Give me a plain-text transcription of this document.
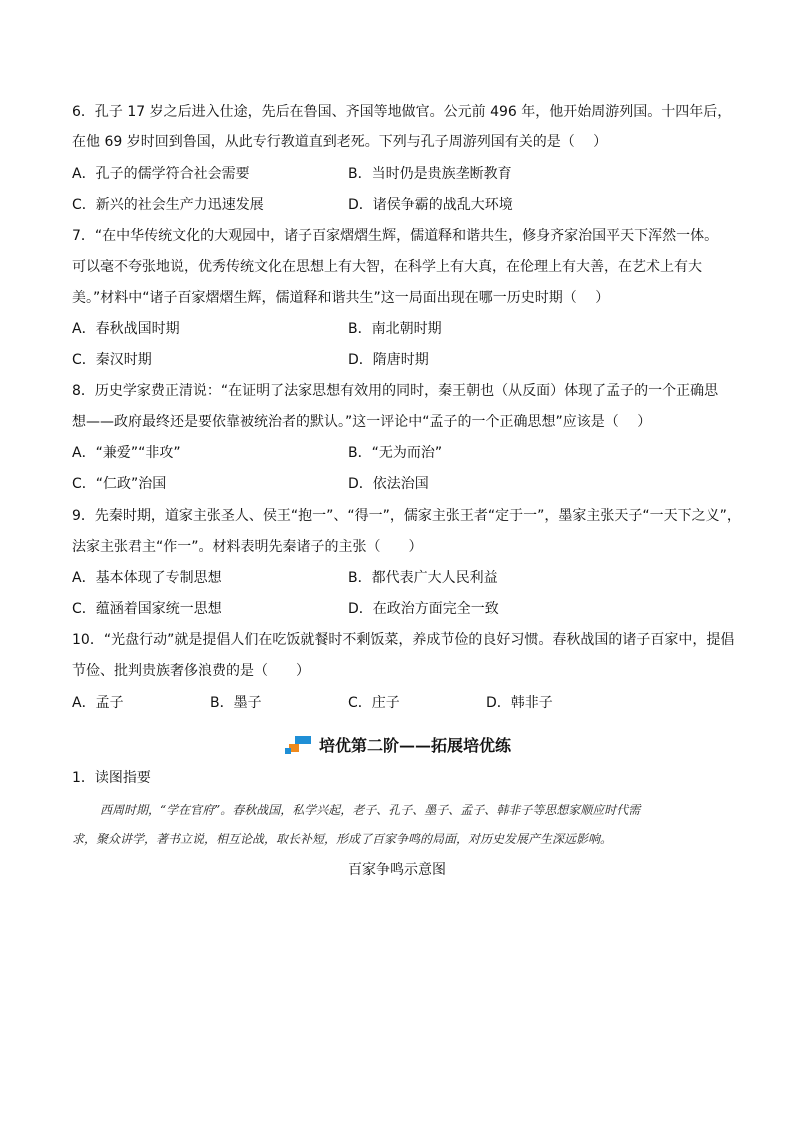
6．孔子 17 岁之后进入仕途，先后在鲁国、齐国等地做官。公元前 496 年，他开始周游列国。十四年后，
在他 69 岁时回到鲁国，从此专行教道直到老死。下列与孔子周游列国有关的是（　 ）
A．孔子的儒学符合社会需要	B．当时仍是贵族垄断教育
C．新兴的社会生产力迅速发展	D．诸侯争霸的战乱大环境
7．“在中华传统文化的大观园中，诸子百家熠熠生辉，儒道释和谐共生，修身齐家治国平天下浑然一体。
可以毫不夸张地说，优秀传统文化在思想上有大智，在科学上有大真，在伦理上有大善，在艺术上有大
美。”材料中“诸子百家熠熠生辉，儒道释和谐共生”这一局面出现在哪一历史时期（　 ）
A．春秋战国时期	B．南北朝时期
C．秦汉时期	D．隋唐时期
8．历史学家费正清说：“在证明了法家思想有效用的同时，秦王朝也（从反面）体现了孟子的一个正确思
想——政府最终还是要依靠被统治者的默认。”这一评论中“孟子的一个正确思想”应该是（　 ）
A．“兼爱”“非攻”	B．“无为而治”
C．“仁政”治国	D．依法治国
9．先秦时期，道家主张圣人、侯王“抱一”、“得一”，儒家主张王者“定于一”，墨家主张天子“一天下之义”，
法家主张君主“作一”。材料表明先秦诸子的主张（　　）
A．基本体现了专制思想	B．都代表广大人民利益
C．蕴涵着国家统一思想	D．在政治方面完全一致
10．“光盘行动”就是提倡人们在吃饭就餐时不剩饭菜，养成节俭的良好习惯。春秋战国的诸子百家中，提倡
节俭、批判贵族奢侈浪费的是（　　）
A．孟子	B．墨子	C．庄子	D．韩非子
培优第二阶——拓展培优练
1．读图指要
西周时期，“学在官府”。春秋战国，私学兴起，老子、孔子、墨子、孟子、韩非子等思想家顺应时代需
求，聚众讲学，著书立说，相互论战，取长补短，形成了百家争鸣的局面，对历史发展产生深远影响。
百家争鸣示意图
